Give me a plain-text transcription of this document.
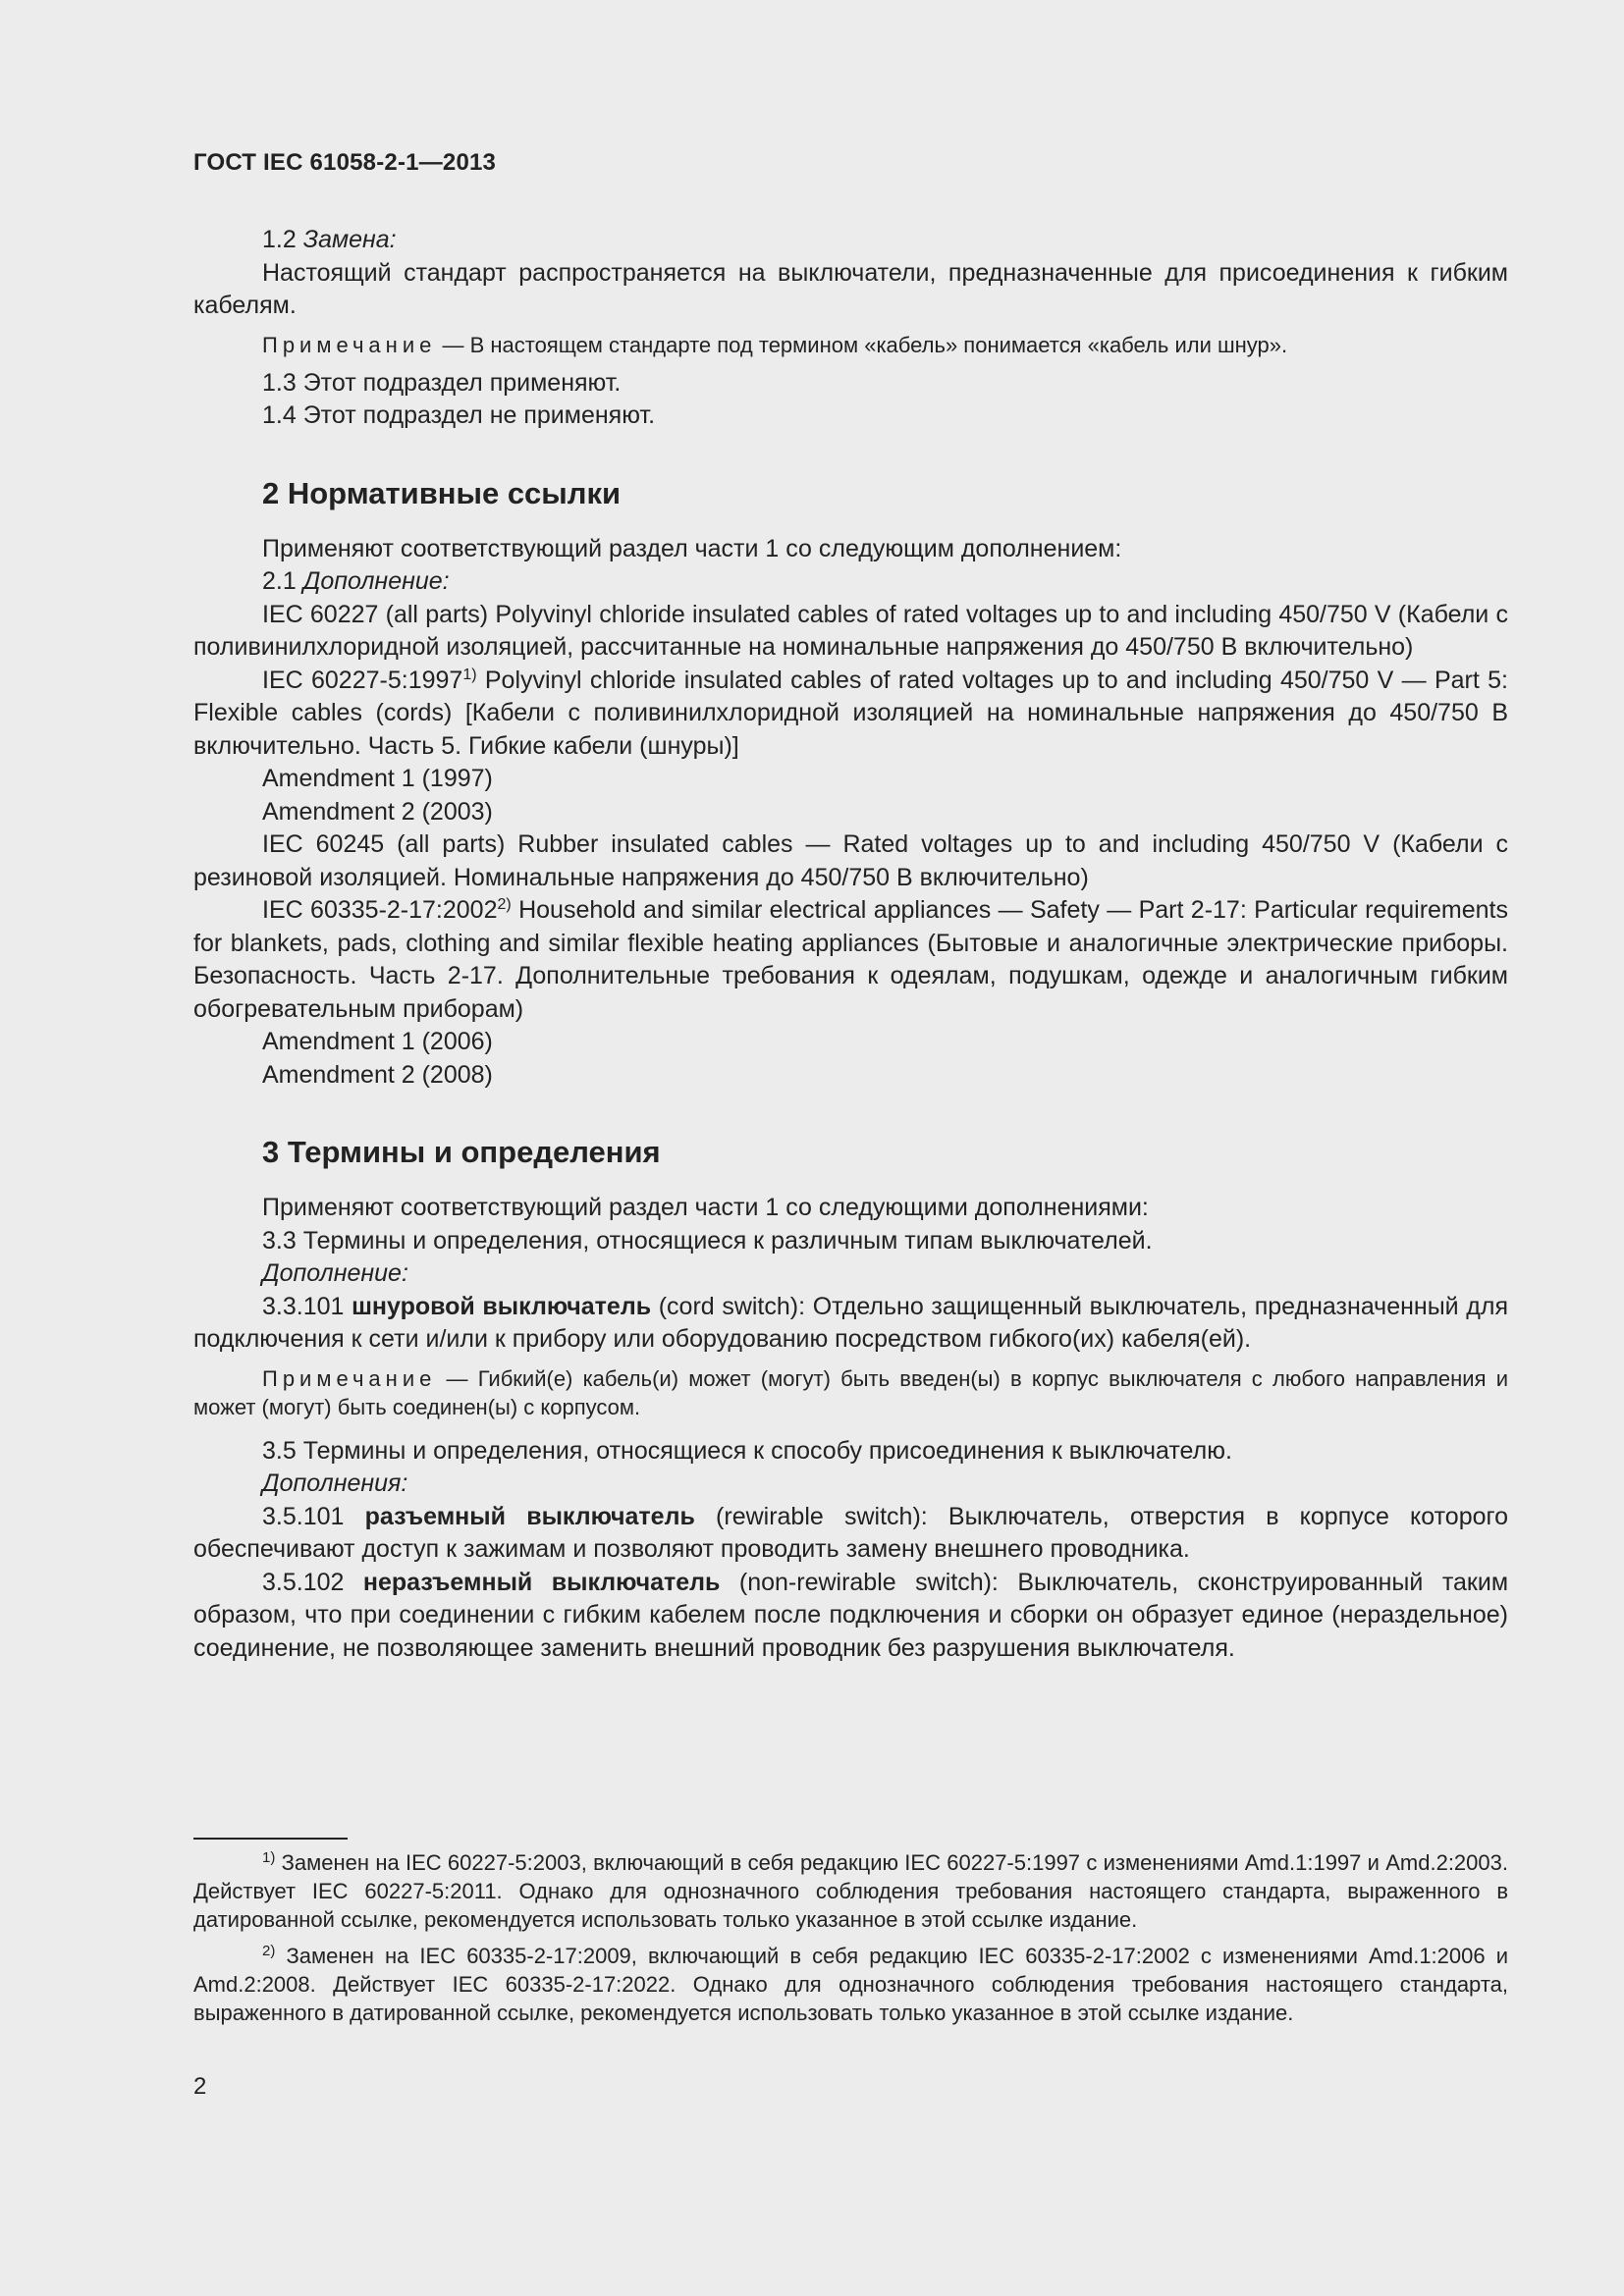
ГОСТ IEC 61058-2-1—2013

1.2 Замена:

Настоящий стандарт распространяется на выключатели, предназначенные для присоединения к гибким кабелям.

Примечание — В настоящем стандарте под термином «кабель» понимается «кабель или шнур».

1.3 Этот подраздел применяют.

1.4 Этот подраздел не применяют.

2 Нормативные ссылки

Применяют соответствующий раздел части 1 со следующим дополнением:

2.1 Дополнение:

IEC 60227 (all parts) Polyvinyl chloride insulated cables of rated voltages up to and including 450/750 V (Кабели с поливинилхлоридной изоляцией, рассчитанные на номинальные напряжения до 450/750 В включительно)

IEC 60227-5:1997$^{1)}$ Polyvinyl chloride insulated cables of rated voltages up to and including 450/750 V — Part 5: Flexible cables (cords) [Кабели с поливинилхлоридной изоляцией на номинальные напряжения до 450/750 В включительно. Часть 5. Гибкие кабели (шнуры)]

Amendment 1 (1997)

Amendment 2 (2003)

IEC 60245 (all parts) Rubber insulated cables — Rated voltages up to and including 450/750 V (Кабели с резиновой изоляцией. Номинальные напряжения до 450/750 В включительно)

IEC 60335-2-17:2002$^{2)}$ Household and similar electrical appliances — Safety — Part 2-17: Particular requirements for blankets, pads, clothing and similar flexible heating appliances (Бытовые и аналогичные электрические приборы. Безопасность. Часть 2-17. Дополнительные требования к одеялам, подушкам, одежде и аналогичным гибким обогревательным приборам)

Amendment 1 (2006)

Amendment 2 (2008)

3 Термины и определения

Применяют соответствующий раздел части 1 со следующими дополнениями:

3.3 Термины и определения, относящиеся к различным типам выключателей.

Дополнение:

3.3.101 шнуровой выключатель (cord switch): Отдельно защищенный выключатель, предназначенный для подключения к сети и/или к прибору или оборудованию посредством гибкого(их) кабеля(ей).

Примечание — Гибкий(е) кабель(и) может (могут) быть введен(ы) в корпус выключателя с любого направления и может (могут) быть соединен(ы) с корпусом.

3.5 Термины и определения, относящиеся к способу присоединения к выключателю.

Дополнения:

3.5.101 разъемный выключатель (rewirable switch): Выключатель, отверстия в корпусе которого обеспечивают доступ к зажимам и позволяют проводить замену внешнего проводника.

3.5.102 неразъемный выключатель (non-rewirable switch): Выключатель, сконструированный таким образом, что при соединении с гибким кабелем после подключения и сборки он образует единое (нераздельное) соединение, не позволяющее заменить внешний проводник без разрушения выключателя.

$^{1)}$ Заменен на IEC 60227-5:2003, включающий в себя редакцию IEC 60227-5:1997 с изменениями Amd.1:1997 и Amd.2:2003. Действует IEC 60227-5:2011. Однако для однозначного соблюдения требования настоящего стандарта, выраженного в датированной ссылке, рекомендуется использовать только указанное в этой ссылке издание.

$^{2)}$ Заменен на IEC 60335-2-17:2009, включающий в себя редакцию IEC 60335-2-17:2002 с изменениями Amd.1:2006 и Amd.2:2008. Действует IEC 60335-2-17:2022. Однако для однозначного соблюдения требования настоящего стандарта, выраженного в датированной ссылке, рекомендуется использовать только указанное в этой ссылке издание.

2
